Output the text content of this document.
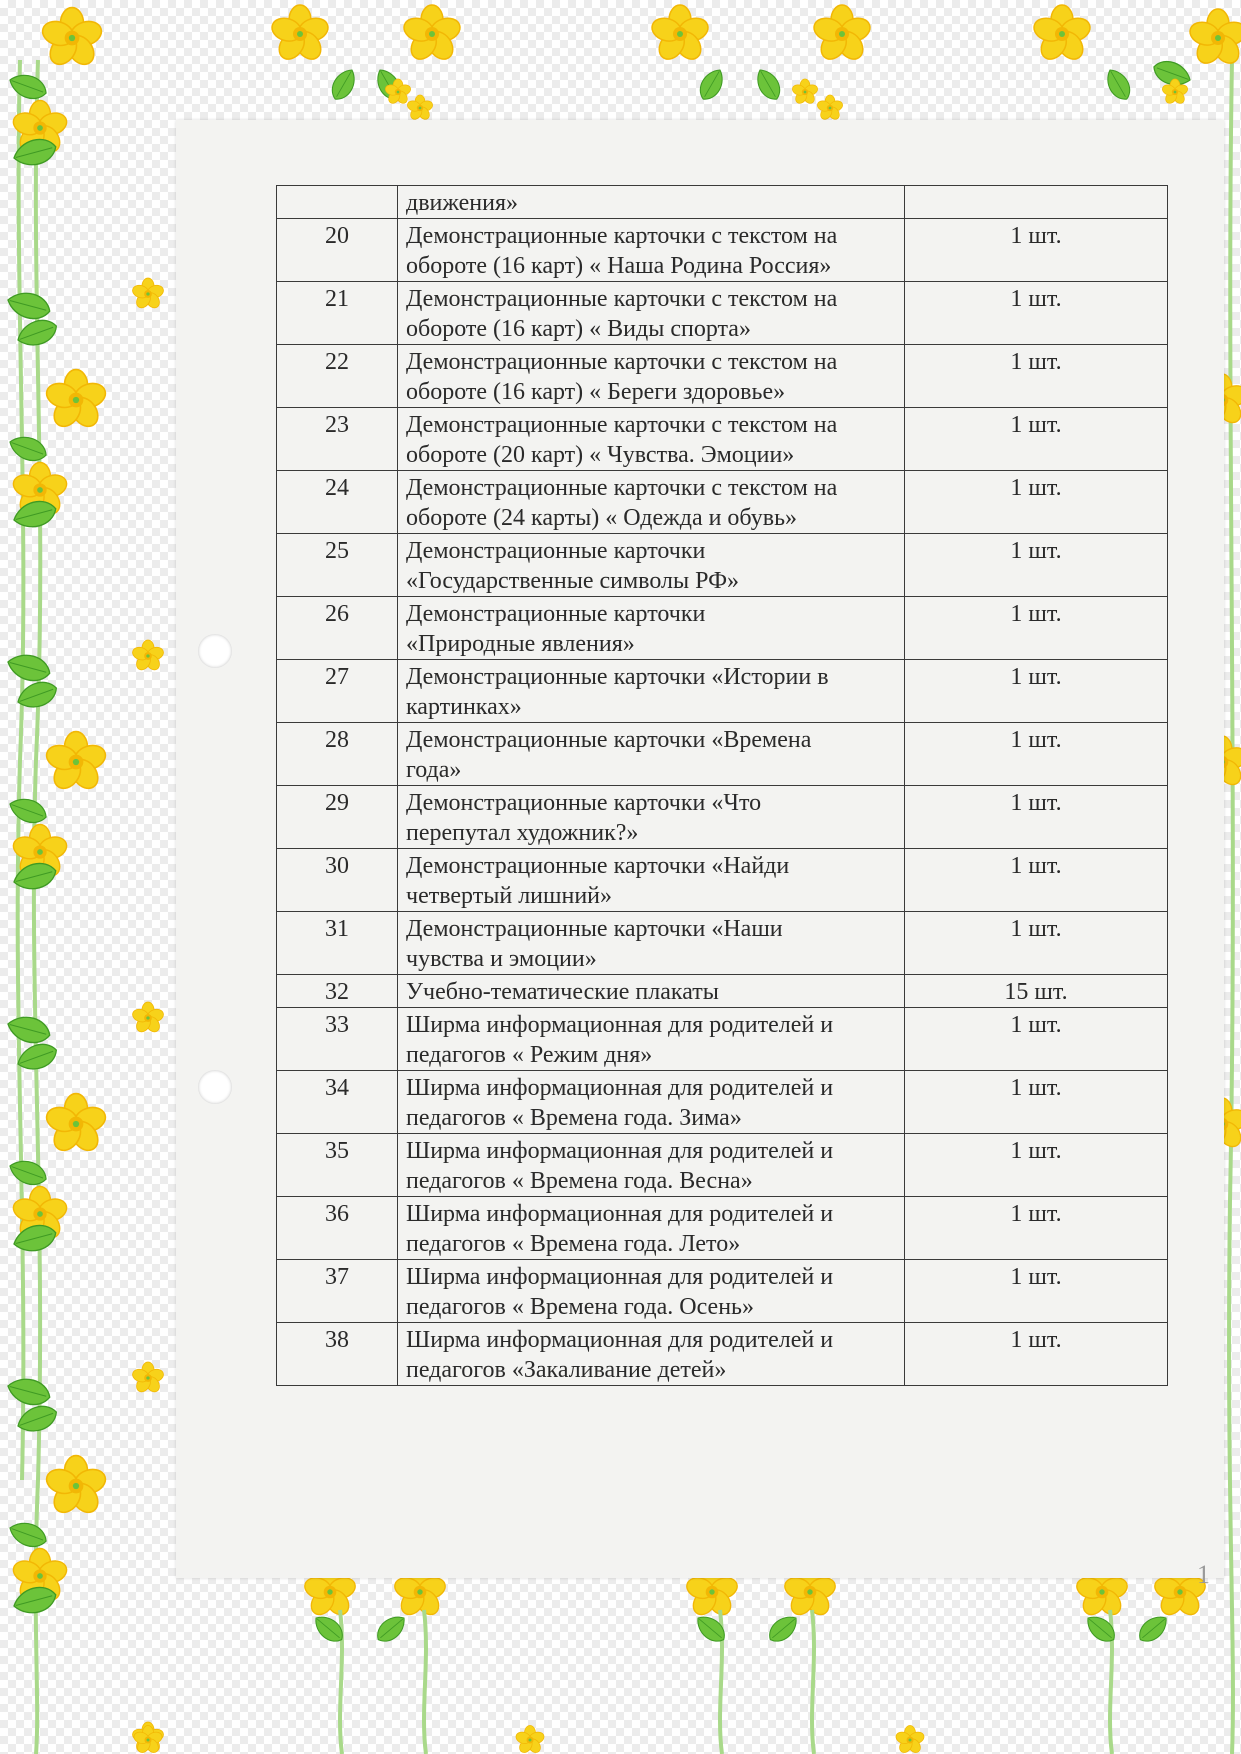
	движения»	
20	Демонстрационные карточки с текстом на
обороте (16 карт) « Наша Родина Россия»	1 шт.
21	Демонстрационные карточки с текстом на
обороте (16 карт) « Виды спорта»	1 шт.
22	Демонстрационные карточки с текстом на
обороте (16 карт) « Береги здоровье»	1 шт.
23	Демонстрационные карточки с текстом на
обороте (20 карт) « Чувства. Эмоции»	1 шт.
24	Демонстрационные карточки с текстом на
обороте (24 карты) « Одежда и обувь»	1 шт.
25	Демонстрационные карточки
«Государственные символы РФ»	1 шт.
26	Демонстрационные карточки
«Природные явления»	1 шт.
27	Демонстрационные карточки «Истории в
картинках»	1 шт.
28	Демонстрационные карточки «Времена
года»	1 шт.
29	Демонстрационные карточки «Что
перепутал художник?»	1 шт.
30	Демонстрационные карточки «Найди
четвертый лишний»	1 шт.
31	Демонстрационные карточки «Наши
чувства и эмоции»	1 шт.
32	Учебно-тематические плакаты	15 шт.
33	Ширма информационная для родителей и
педагогов « Режим дня»	1 шт.
34	Ширма информационная для родителей и
педагогов « Времена года. Зима»	1 шт.
35	Ширма информационная для родителей и
педагогов « Времена года. Весна»	1 шт.
36	Ширма информационная для родителей и
педагогов « Времена года. Лето»	1 шт.
37	Ширма информационная для родителей и
педагогов « Времена года. Осень»	1 шт.
38	Ширма информационная для родителей и
педагогов «Закаливание детей»	1 шт.
1
